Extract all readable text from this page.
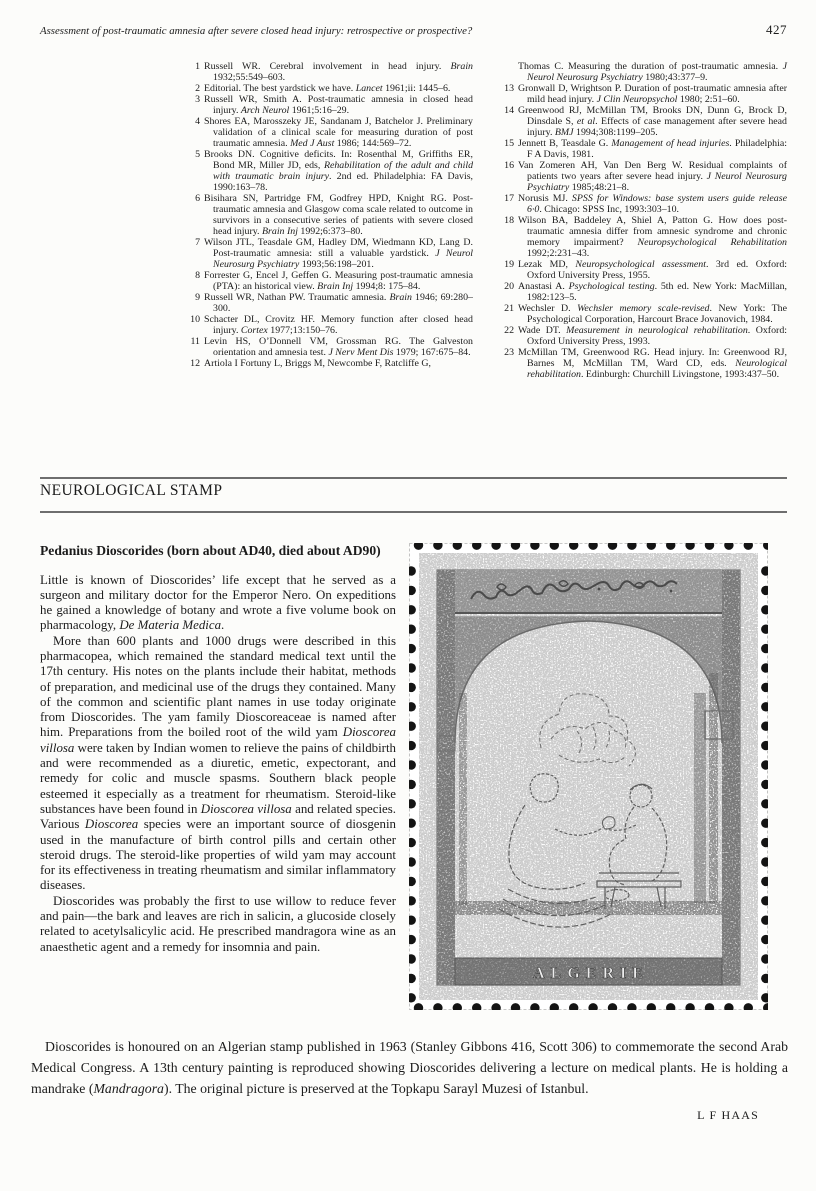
Assessment of post-traumatic amnesia after severe closed head injury: retrospective or prospective?	427
1 Russell WR. Cerebral involvement in head injury. Brain 1932;55:549–603.
2 Editorial. The best yardstick we have. Lancet 1961;ii: 1445–6.
3 Russell WR, Smith A. Post-traumatic amnesia in closed head injury. Arch Neurol 1961;5:16–29.
4 Shores EA, Marosszeky JE, Sandanam J, Batchelor J. Preliminary validation of a clinical scale for measuring duration of post traumatic amnesia. Med J Aust 1986; 144:569–72.
5 Brooks DN. Cognitive deficits. In: Rosenthal M, Griffiths ER, Bond MR, Miller JD, eds, Rehabilitation of the adult and child with traumatic brain injury. 2nd ed. Philadelphia: FA Davis, 1990:163–78.
6 Bisihara SN, Partridge FM, Godfrey HPD, Knight RG. Post-traumatic amnesia and Glasgow coma scale related to outcome in survivors in a consecutive series of patients with severe closed head injury. Brain Inj 1992;6:373–80.
7 Wilson JTL, Teasdale GM, Hadley DM, Wiedmann KD, Lang D. Post-traumatic amnesia: still a valuable yardstick. J Neurol Neurosurg Psychiatry 1993;56:198–201.
8 Forrester G, Encel J, Geffen G. Measuring post-traumatic amnesia (PTA): an historical view. Brain Inj 1994;8: 175–84.
9 Russell WR, Nathan PW. Traumatic amnesia. Brain 1946; 69:280–300.
10 Schacter DL, Crovitz HF. Memory function after closed head injury. Cortex 1977;13:150–76.
11 Levin HS, O’Donnell VM, Grossman RG. The Galveston orientation and amnesia test. J Nerv Ment Dis 1979; 167:675–84.
12 Artiola I Fortuny L, Briggs M, Newcombe F, Ratcliffe G,
Thomas C. Measuring the duration of post-traumatic amnesia. J Neurol Neurosurg Psychiatry 1980;43:377–9.
13 Gronwall D, Wrightson P. Duration of post-traumatic amnesia after mild head injury. J Clin Neuropsychol 1980; 2:51–60.
14 Greenwood RJ, McMillan TM, Brooks DN, Dunn G, Brock D, Dinsdale S, et al. Effects of case management after severe head injury. BMJ 1994;308:1199–205.
15 Jennett B, Teasdale G. Management of head injuries. Philadelphia: F A Davis, 1981.
16 Van Zomeren AH, Van Den Berg W. Residual complaints of patients two years after severe head injury. J Neurol Neurosurg Psychiatry 1985;48:21–8.
17 Norusis MJ. SPSS for Windows: base system users guide release 6·0. Chicago: SPSS Inc, 1993:303–10.
18 Wilson BA, Baddeley A, Shiel A, Patton G. How does post-traumatic amnesia differ from amnesic syndrome and chronic memory impairment? Neuropsychological Rehabilitation 1992;2:231–43.
19 Lezak MD, Neuropsychological assessment. 3rd ed. Oxford: Oxford University Press, 1955.
20 Anastasi A. Psychological testing. 5th ed. New York: MacMillan, 1982:123–5.
21 Wechsler D. Wechsler memory scale-revised. New York: The Psychological Corporation, Harcourt Brace Jovanovich, 1984.
22 Wade DT. Measurement in neurological rehabilitation. Oxford: Oxford University Press, 1993.
23 McMillan TM, Greenwood RG. Head injury. In: Greenwood RJ, Barnes M, McMillan TM, Ward CD, eds. Neurological rehabilitation. Edinburgh: Churchill Livingstone, 1993:437–50.
NEUROLOGICAL STAMP
Pedanius Dioscorides (born about AD40, died about AD90)

Little is known of Dioscorides’ life except that he served as a surgeon and military doctor for the Emperor Nero. On expeditions he gained a knowledge of botany and wrote a five volume book on pharmacology, De Materia Medica.

More than 600 plants and 1000 drugs were described in this pharmacopea, which remained the standard medical text until the 17th century. His notes on the plants include their habitat, methods of preparation, and medicinal use of the drugs they contained. Many of the common and scientific plant names in use today originate from Dioscorides. The yam family Dioscoreaceae is named after him. Preparations from the boiled root of the wild yam Dioscorea villosa were taken by Indian women to relieve the pains of childbirth and were recommended as a diuretic, emetic, expectorant, and remedy for colic and muscle spasms. Southern black people esteemed it especially as a treatment for rheumatism. Steroid-like substances have been found in Dioscorea villosa and related species. Various Dioscorea species were an important source of diosgenin used in the manufacture of birth control pills and certain other steroid drugs. The steroid-like properties of wild yam may account for its effectiveness in treating rheumatism and similar inflammatory diseases.

Dioscorides was probably the first to use willow to reduce fever and pain—the bark and leaves are rich in salicin, a glucoside closely related to acetylsalicylic acid. He prescribed mandragora wine as an anaesthetic agent and a remedy for insomnia and pain.

ALGERIE

Dioscorides is honoured on an Algerian stamp published in 1963 (Stanley Gibbons 416, Scott 306) to commemorate the second Arab Medical Congress. A 13th century painting is reproduced showing Dioscorides delivering a lecture on medical plants. He is holding a mandrake (Mandragora). The original picture is preserved at the Topkapu Sarayl Muzesi of Istanbul.

L F HAAS
